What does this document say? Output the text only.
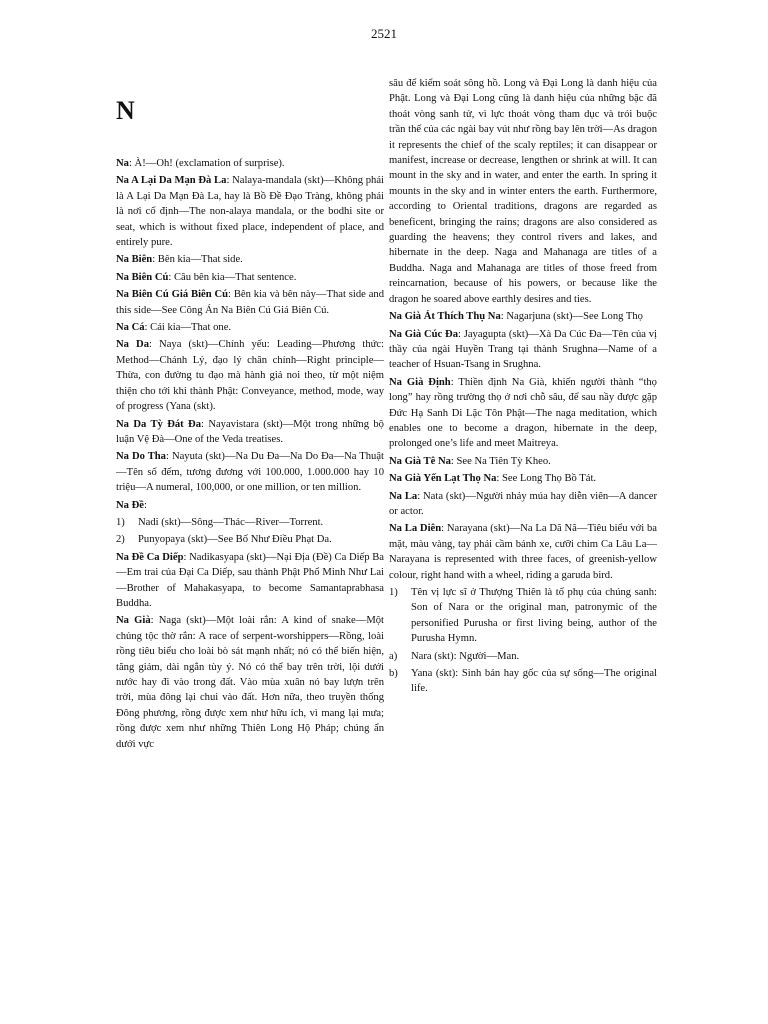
2521
N
Na: À!—Oh! (exclamation of surprise).
Na A Lại Da Mạn Đà La: Nalaya-mandala (skt)—Không phải là A Lại Da Mạn Đà La, hay là Bồ Đề Đạo Tràng, không phải là nơi cố định—The non-alaya mandala, or the bodhi site or seat, which is without fixed place, independent of place, and entirely pure.
Na Biên: Bên kia—That side.
Na Biên Cú: Câu bên kia—That sentence.
Na Biên Cú Giá Biên Cú: Bên kia và bên này—That side and this side—See Công Án Na Biên Cú Giá Biên Cú.
Na Cá: Cái kia—That one.
Na Da: Naya (skt)—Chính yếu: Leading—Phương thức: Method—Chánh Lý, đạo lý chân chính—Right principle—Thừa, con đường tu đạo mà hành giả noi theo, từ một niệm thiện cho tới khi thành Phật: Conveyance, method, mode, way of progress (Yana (skt).
Na Da Tỳ Đát Đa: Nayavistara (skt)—Một trong những bộ luận Vệ Đà—One of the Veda treatises.
Na Do Tha: Nayuta (skt)—Na Du Đa—Na Do Đa—Na Thuật—Tên số đếm, tương đương với 100.000, 1.000.000 hay 10 triệu—A numeral, 100,000, or one million, or ten million.
Na Đề:
1) Nadi (skt)—Sông—Thác—River—Torrent.
2) Punyopaya (skt)—See Bố Như Điều Phạt Da.
Na Đề Ca Diếp: Nadikasyapa (skt)—Nại Địa (Đề) Ca Diếp Ba—Em trai của Đại Ca Diếp, sau thành Phật Phổ Minh Như Lai—Brother of Mahakasyapa, to become Samantaprabhasa Buddha.
Na Già: Naga (skt)—Một loài rắn: A kind of snake—Một chủng tộc thờ rắn: A race of serpent-worshippers—Rồng, loài rồng tiêu biểu cho loài bò sát mạnh nhất; nó có thể biến hiện, tăng giảm, dài ngắn tùy ý. Nó có thể bay trên trời, lội dưới nước hay đi vào trong đất. Vào mùa xuân nó bay lượn trên trời, mùa đông lại chui vào đất. Hơn nữa, theo truyền thống Đông phương, rồng được xem như hữu ích, vì mang lại mưa; rồng được xem như những Thiên Long Hộ Pháp; chúng ẩn dưới vực
sâu để kiểm soát sông hồ. Long và Đại Long là danh hiệu của Phật. Long và Đại Long cũng là danh hiệu của những bậc đã thoát vòng sanh tử, vì lực thoát vòng tham dục và trói buộc trần thế của các ngài bay vút như rồng bay lên trời—As dragon it represents the chief of the scaly reptiles; it can disappear or manifest, increase or decrease, lengthen or shrink at will. It can mount in the sky and in water, and enter the earth. In spring it mounts in the sky and in winter enters the earth. Furthermore, according to Oriental traditions, dragons are regarded as beneficent, bringing the rains; dragons are also considered as guarding the heavens; they control rivers and lakes, and hibernate in the deep. Naga and Mahanaga are titles of a Buddha. Naga and Mahanaga are titles of those freed from reincarnation, because of his powers, or because like the dragon he soared above earthly desires and ties.
Na Già Át Thích Thụ Na: Nagarjuna (skt)—See Long Thọ
Na Già Cúc Đa: Jayagupta (skt)—Xà Da Cúc Đa—Tên của vị thầy của ngài Huyền Trang tại thành Srughna—Name of a teacher of Hsuan-Tsang in Srughna.
Na Già Định: Thiền định Na Già, khiến người thành “thọ long” hay rồng trường thọ ở nơi chỗ sâu, để sau nầy được gặp Đức Hạ Sanh Di Lặc Tôn Phật—The naga meditation, which enables one to become a dragon, hibernate in the deep, prolonged one’s life and meet Maitreya.
Na Già Tê Na: See Na Tiên Tỳ Kheo.
Na Già Yến Lạt Thọ Na: See Long Thọ Bồ Tát.
Na La: Nata (skt)—Người nhảy múa hay diễn viên—A dancer or actor.
Na La Diên: Narayana (skt)—Na La Dã Nã—Tiêu biểu với ba mặt, màu vàng, tay phải cầm bánh xe, cưỡi chim Ca Lâu La—Narayana is represented with three faces, of greenish-yellow colour, right hand with a wheel, riding a garuda bird.
1) Tên vị lực sĩ ở Thượng Thiên là tổ phụ của chúng sanh: Son of Nara or the original man, patronymic of the personified Purusha or first living being, author of the Purusha Hymn.
a) Nara (skt): Người—Man.
b) Yana (skt): Sinh bản hay gốc của sự sống—The original life.
